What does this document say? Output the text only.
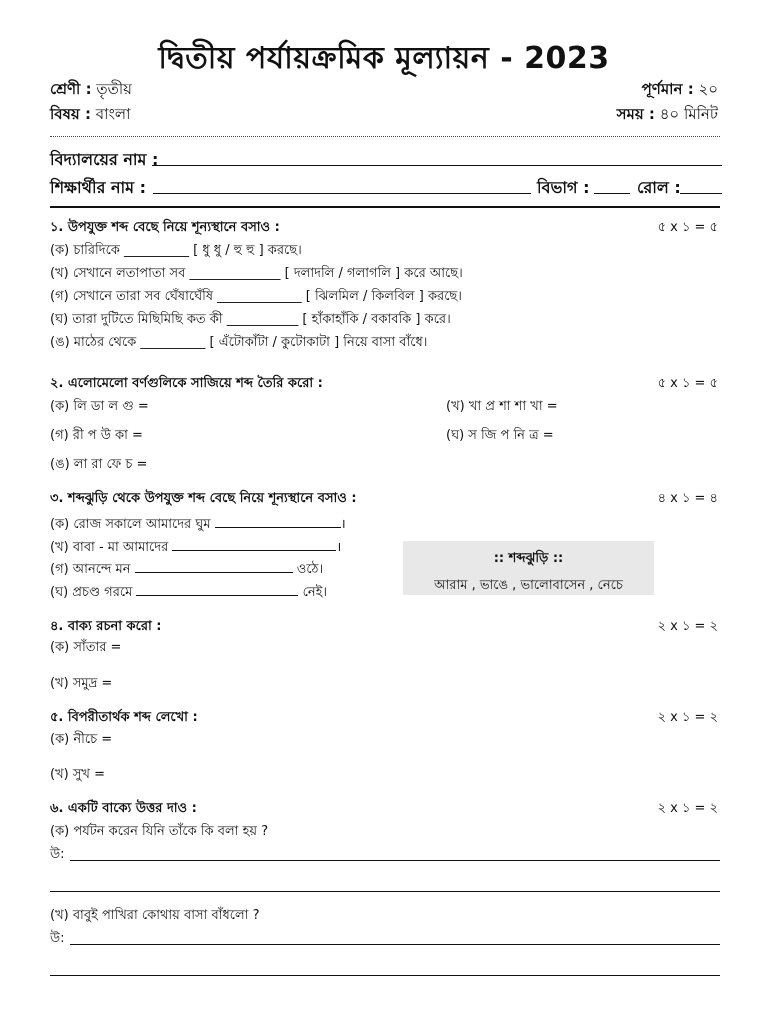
দ্বিতীয় পর্যায়ক্রমিক মূল্যায়ন - 2023
শ্রেণী : তৃতীয়
বিষয় : বাংলা
পূর্ণমান : ২০
সময় : ৪০ মিনিট
বিদ্যালয়ের নাম :
শিক্ষার্থীর নাম :	বিভাগ :	রোল :
১. উপযুক্ত শব্দ বেছে নিয়ে শূন্যস্থানে বসাও :	৫ x ১ = ৫
(ক) চারিদিকে __________ [ ধু ধু / হু হু ] করছে।
(খ) সেখানে লতাপাতা সব ______________ [ দলাদলি / গলাগলি ] করে আছে।
(গ) সেখানে তারা সব ঘেঁষাঘেঁষি _____________ [ ঝিলমিল / কিলবিল ] করছে।
(ঘ) তারা দুটিতে মিছিমিছি কত কী ___________ [ হাঁকাহাঁকি / বকাবকি ] করে।
(ঙ) মাঠের থেকে __________ [ এঁটোকাঁটা / কুটোকাটা ] নিয়ে বাসা বাঁধে।
২. এলোমেলো বর্ণগুলিকে সাজিয়ে শব্দ তৈরি করো :	৫ x ১ = ৫
(ক) লি ডা ল গু =	(খ) খা প্র শা শা খা =
(গ) রী প উ কা =	(ঘ) স জি প নি ত্র =
(ঙ) লা রা ফে চ =
৩. শব্দঝুড়ি থেকে উপযুক্ত শব্দ বেছে নিয়ে শূন্যস্থানে বসাও :	৪ x ১ = ৪
(ক) রোজ সকালে আমাদের ঘুম	।
(খ) বাবা - মা আমাদের	।
(গ) আনন্দে মন	ওঠে।
(ঘ) প্রচণ্ড গরমে	নেই।
:: শব্দঝুড়ি ::
আরাম , ভাঙে , ভালোবাসেন , নেচে
৪. বাক্য রচনা করো :	২ x ১ = ২
(ক) সাঁতার =
(খ) সমুদ্র =
৫. বিপরীতার্থক শব্দ লেখো :	২ x ১ = ২
(ক) নীচে =
(খ) সুখ =
৬. একটি বাক্যে উত্তর দাও :	২ x ১ = ২
(ক) পর্যটন করেন যিনি তাঁকে কি বলা হয় ?
উ:
(খ) বাবুই পাখিরা কোথায় বাসা বাঁধলো ?
উ:
